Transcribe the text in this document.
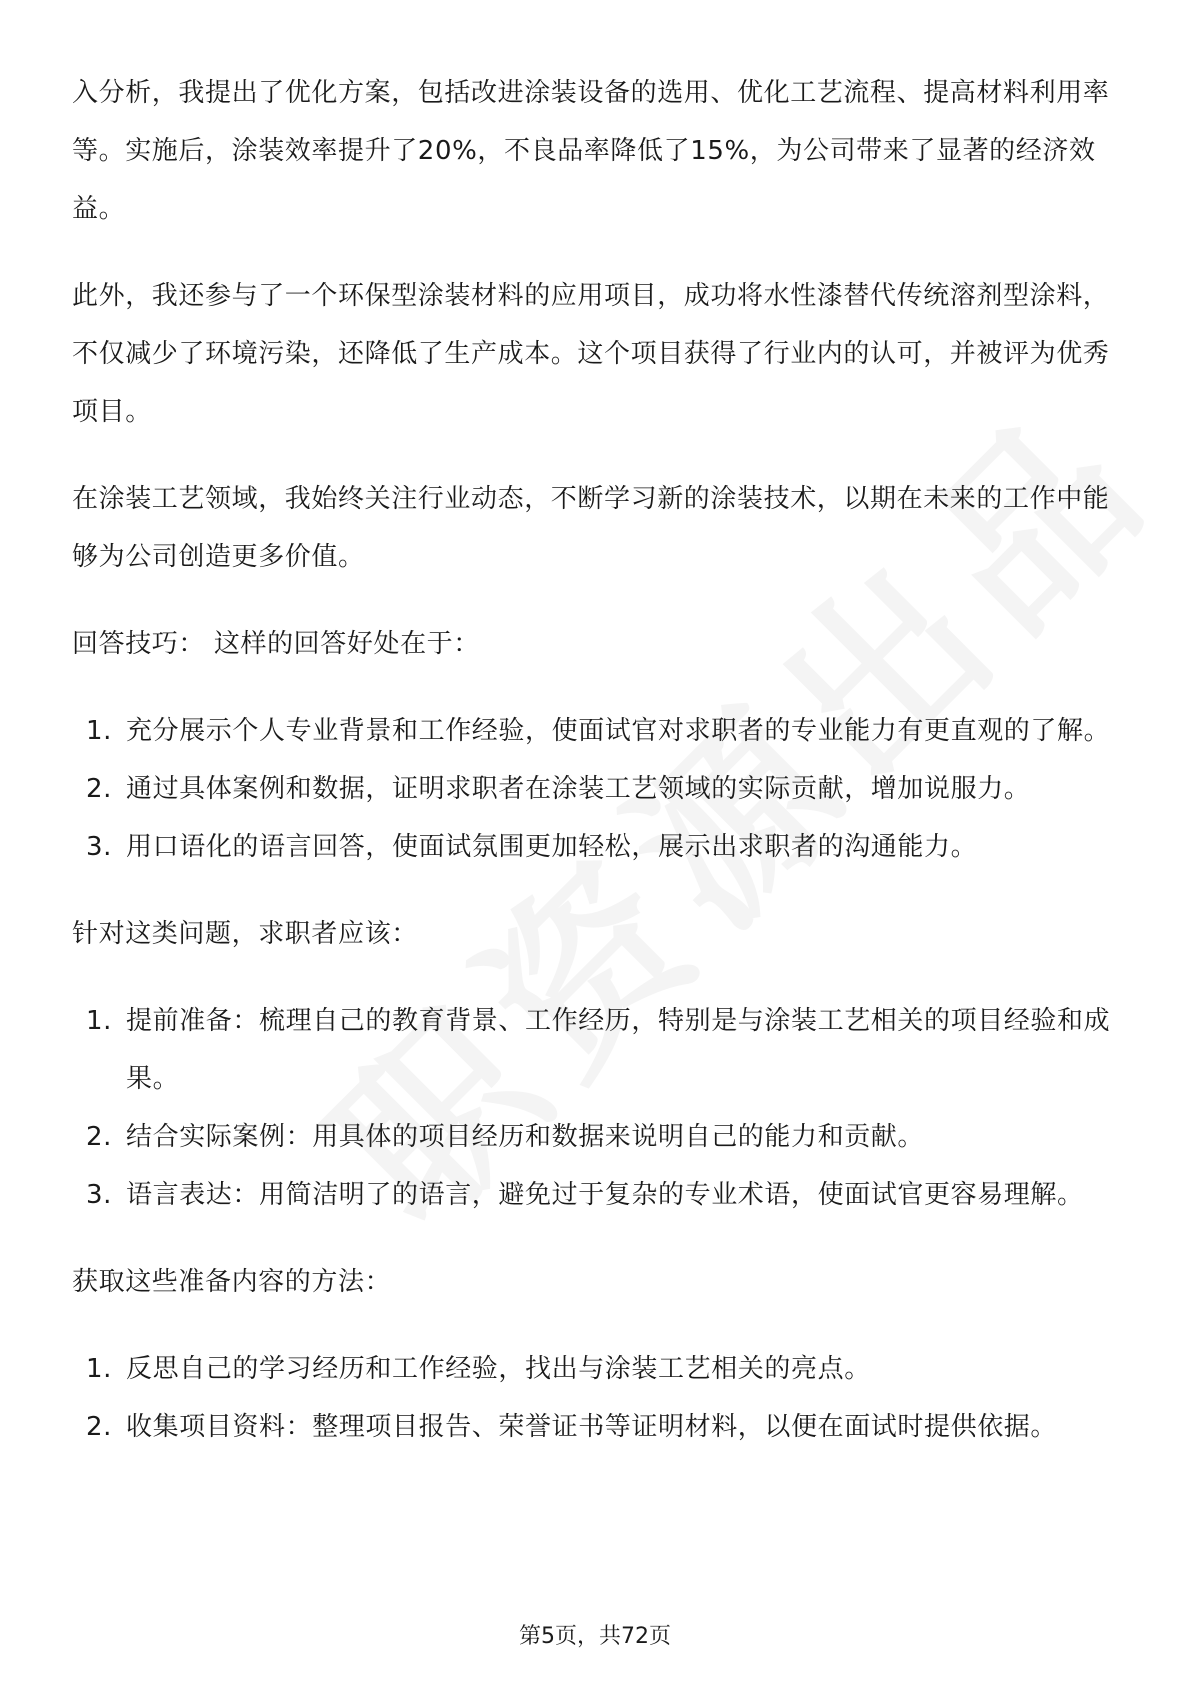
入分析，我提出了优化方案，包括改进涂装设备的选用、优化工艺流程、提高材料利用率等。实施后，涂装效率提升了20%，不良品率降低了15%，为公司带来了显著的经济效益。

此外，我还参与了一个环保型涂装材料的应用项目，成功将水性漆替代传统溶剂型涂料，不仅减少了环境污染，还降低了生产成本。这个项目获得了行业内的认可，并被评为优秀项目。

在涂装工艺领域，我始终关注行业动态，不断学习新的涂装技术，以期在未来的工作中能够为公司创造更多价值。

回答技巧： 这样的回答好处在于：

1. 充分展示个人专业背景和工作经验，使面试官对求职者的专业能力有更直观的了解。
2. 通过具体案例和数据，证明求职者在涂装工艺领域的实际贡献，增加说服力。
3. 用口语化的语言回答，使面试氛围更加轻松，展示出求职者的沟通能力。

针对这类问题，求职者应该：

1. 提前准备：梳理自己的教育背景、工作经历，特别是与涂装工艺相关的项目经验和成果。
2. 结合实际案例：用具体的项目经历和数据来说明自己的能力和贡献。
3. 语言表达：用简洁明了的语言，避免过于复杂的专业术语，使面试官更容易理解。

获取这些准备内容的方法：

1. 反思自己的学习经历和工作经验，找出与涂装工艺相关的亮点。
2. 收集项目资料：整理项目报告、荣誉证书等证明材料，以便在面试时提供依据。
第5页，共72页
